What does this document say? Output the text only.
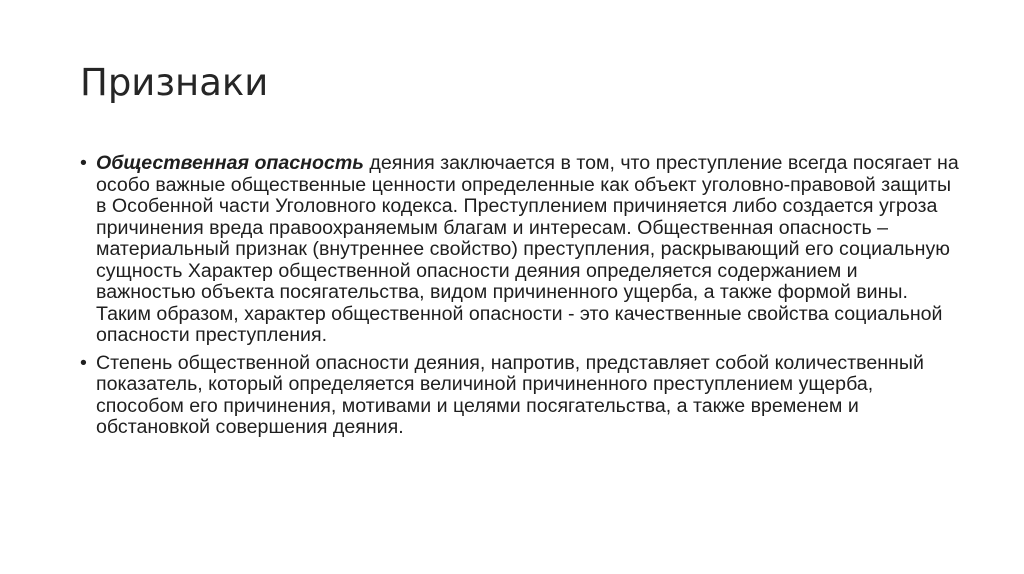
Признаки
• Общественная опасность деяния заключается в том, что преступление всегда посягает на особо важные общественные ценности определенные как объект уголовно-правовой защиты в Особенной части Уголовного кодекса. Преступлением причиняется либо создается угроза причинения вреда правоохраняемым благам и интересам. Общественная опасность – материальный признак (внутреннее свойство) преступления, раскрывающий его социальную сущность Характер общественной опасности деяния определяется содержанием и важностью объекта посягательства, видом причиненного ущерба, а также формой вины. Таким образом, характер общественной опасности - это качественные свойства социальной опасности преступления.
• Степень общественной опасности деяния, напротив, представляет собой количественный показатель, который определяется величиной причиненного преступлением ущерба, способом его причинения, мотивами и целями посягательства, а также временем и обстановкой совершения деяния.
